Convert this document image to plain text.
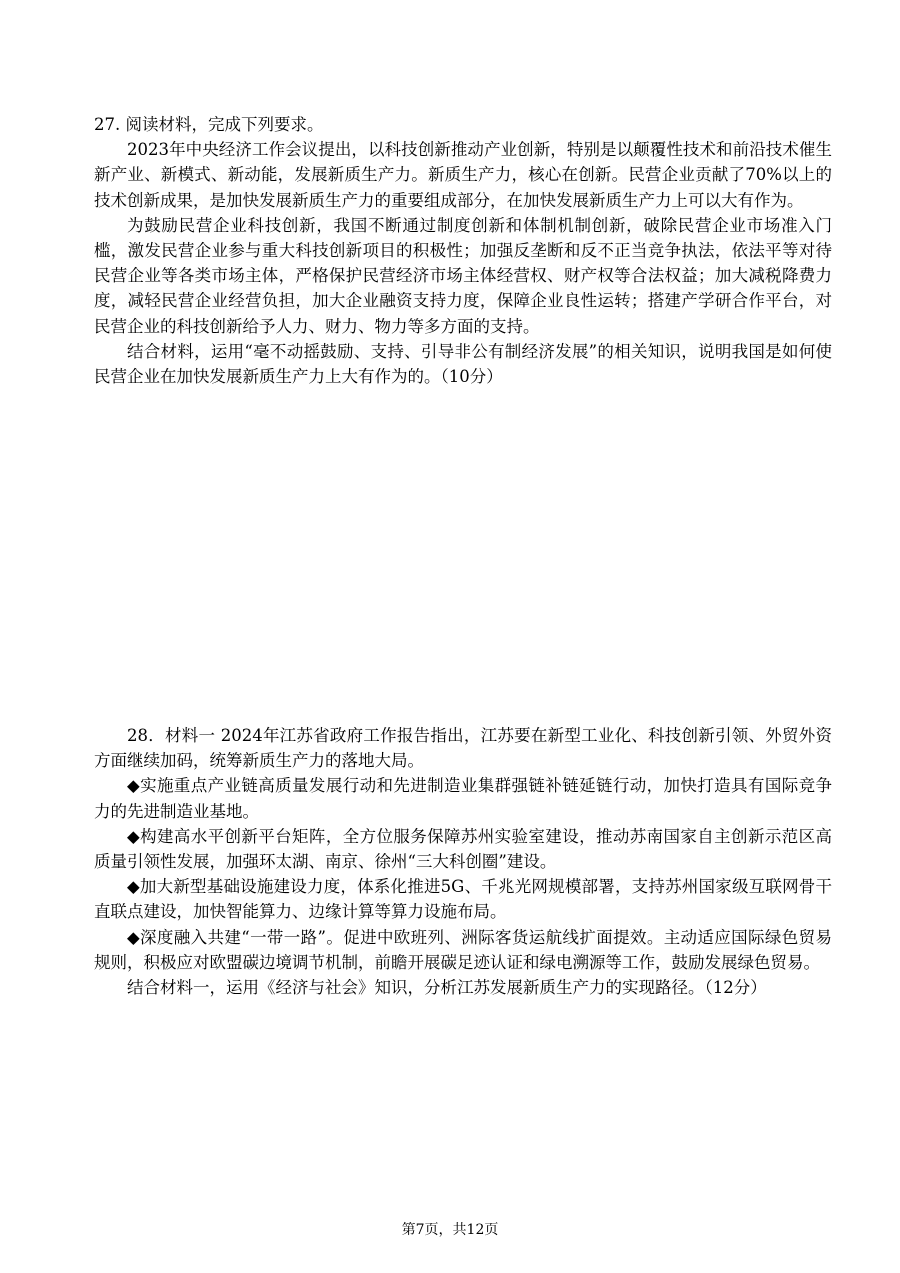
27. 阅读材料，完成下列要求。

2023年中央经济工作会议提出，以科技创新推动产业创新，特别是以颠覆性技术和前沿技术催生新产业、新模式、新动能，发展新质生产力。新质生产力，核心在创新。民营企业贡献了70%以上的技术创新成果，是加快发展新质生产力的重要组成部分，在加快发展新质生产力上可以大有作为。

为鼓励民营企业科技创新，我国不断通过制度创新和体制机制创新，破除民营企业市场准入门槛，激发民营企业参与重大科技创新项目的积极性；加强反垄断和反不正当竞争执法，依法平等对待民营企业等各类市场主体，严格保护民营经济市场主体经营权、财产权等合法权益；加大减税降费力度，减轻民营企业经营负担，加大企业融资支持力度，保障企业良性运转；搭建产学研合作平台，对民营企业的科技创新给予人力、财力、物力等多方面的支持。

结合材料，运用“毫不动摇鼓励、支持、引导非公有制经济发展”的相关知识，说明我国是如何使民营企业在加快发展新质生产力上大有作为的。（10分）

28．材料一 2024年江苏省政府工作报告指出，江苏要在新型工业化、科技创新引领、外贸外资方面继续加码，统筹新质生产力的落地大局。

◆实施重点产业链高质量发展行动和先进制造业集群强链补链延链行动，加快打造具有国际竞争力的先进制造业基地。

◆构建高水平创新平台矩阵，全方位服务保障苏州实验室建设，推动苏南国家自主创新示范区高质量引领性发展，加强环太湖、南京、徐州“三大科创圈”建设。

◆加大新型基础设施建设力度，体系化推进5G、千兆光网规模部署，支持苏州国家级互联网骨干直联点建设，加快智能算力、边缘计算等算力设施布局。

◆深度融入共建“一带一路”。促进中欧班列、洲际客货运航线扩面提效。主动适应国际绿色贸易规则，积极应对欧盟碳边境调节机制，前瞻开展碳足迹认证和绿电溯源等工作，鼓励发展绿色贸易。

结合材料一，运用《经济与社会》知识，分析江苏发展新质生产力的实现路径。（12分）

第7页，共12页
